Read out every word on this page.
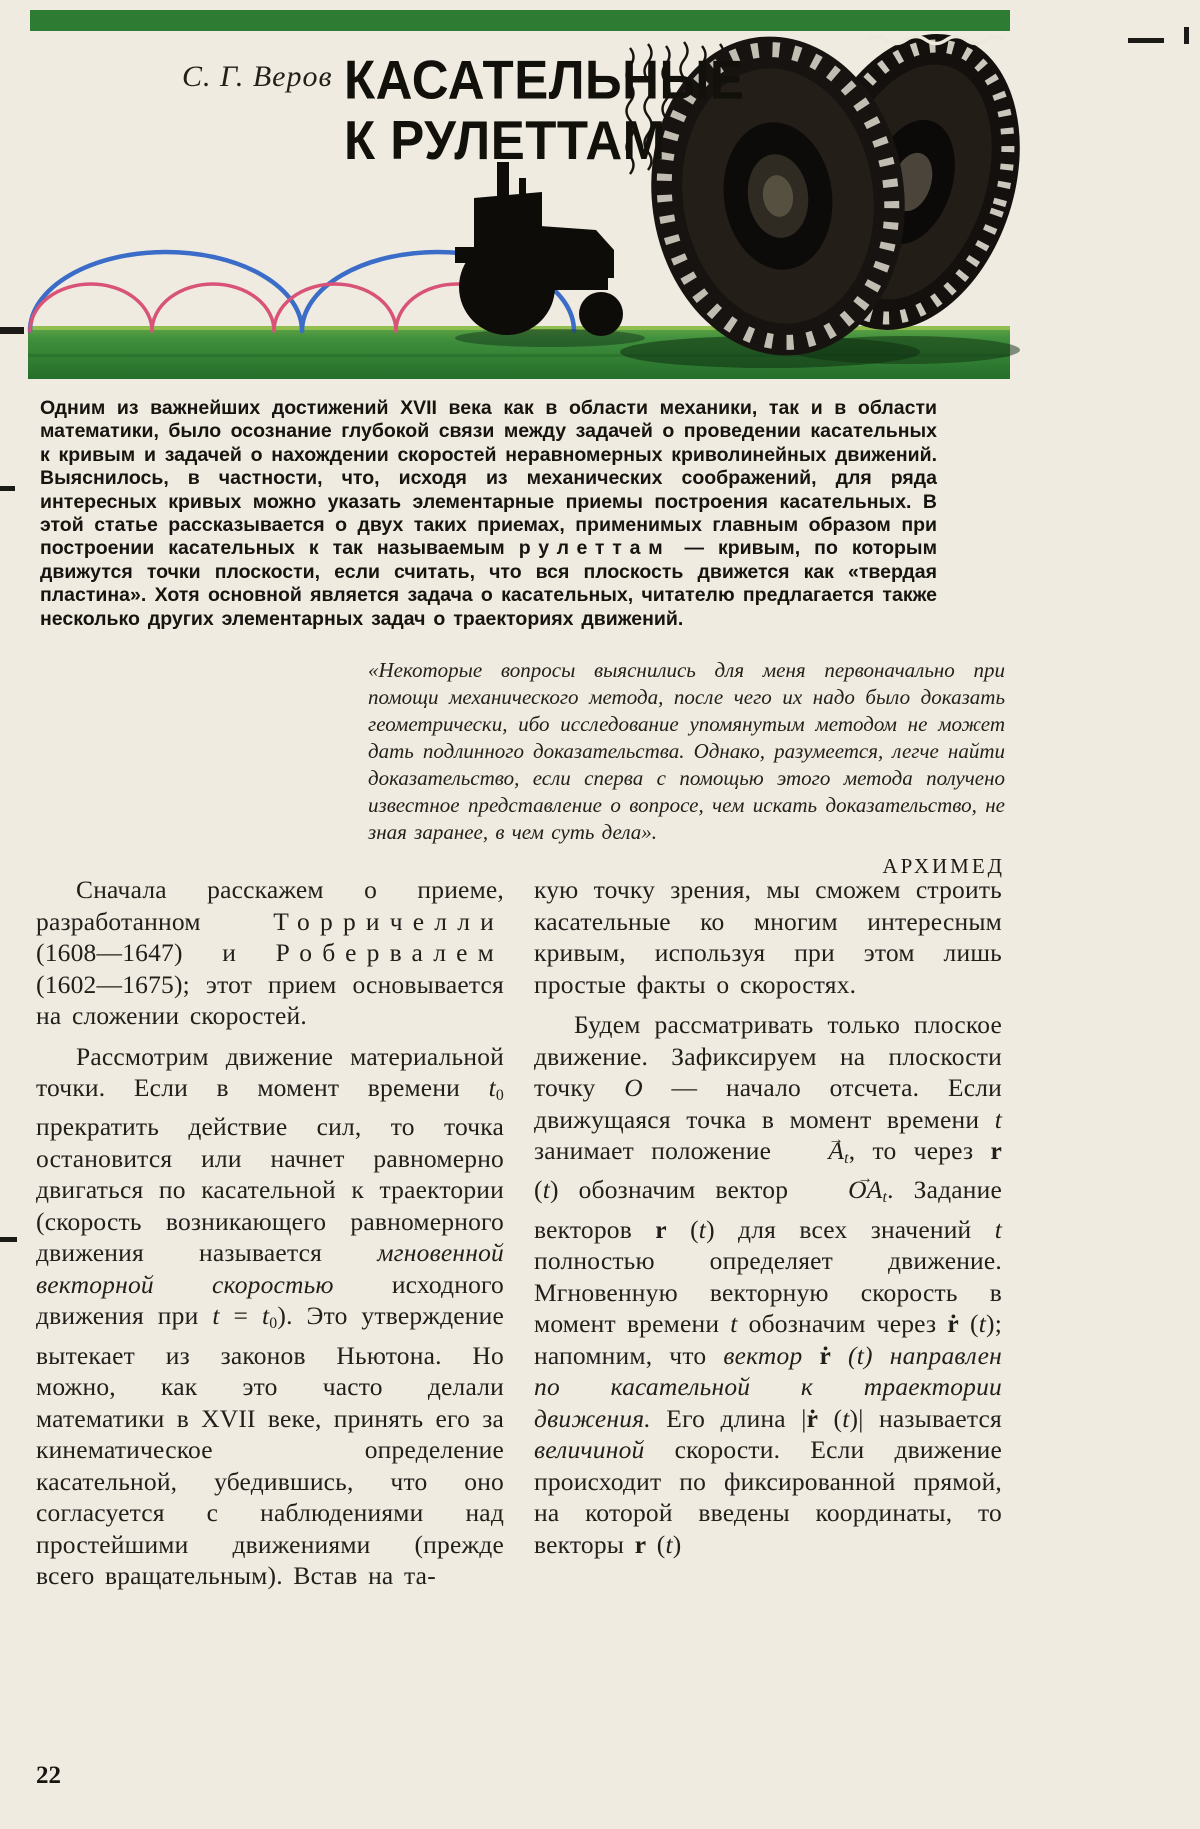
С. Г. Веров КАСАТЕЛЬНЫЕ
К РУЛЕТТАМ
Одним из важнейших достижений XVII века как в области механики, так и в области математики, было осознание глубокой связи между задачей о проведении касательных к кривым и задачей о нахождении скоростей неравномерных криволинейных движений. Выяснилось, в частности, что, исходя из механических соображений, для ряда интересных кривых можно указать элементарные приемы построения касательных. В этой статье рассказывается о двух таких приемах, применимых главным образом при построении касательных к так называемым рулеттам — кривым, по которым движутся точки плоскости, если считать, что вся плоскость движется как «твердая пластина». Хотя основной является задача о касательных, читателю предлагается также несколько других элементарных задач о траекториях движений.
«Некоторые вопросы выяснились для меня первоначально при помощи механического метода, после чего их надо было доказать геометрически, ибо исследование упомянутым методом не может дать подлинного доказательства. Однако, разумеется, легче найти доказательство, если сперва с помощью этого метода получено известное представление о вопросе, чем искать доказательство, не зная заранее, в чем суть дела».
АРХИМЕД

Сначала расскажем о приеме, разработанном Торричелли (1608—1647) и Робервалем (1602—1675); этот прием основывается на сложении скоростей.

Рассмотрим движение материальной точки. Если в момент времени $t_0$ прекратить действие сил, то точка остановится или начнет равномерно двигаться по касательной к траектории (скорость возникающего равномерного движения называется мгновенной векторной скоростью исходного движения при $t = t_0$). Это утверждение вытекает из законов Ньютона. Но можно, как это часто делали математики в XVII веке, принять его за кинематическое определение касательной, убедившись, что оно согласуется с наблюдениями над простейшими движениями (прежде всего вращательным). Встав на та-

кую точку зрения, мы сможем строить касательные ко многим интересным кривым, используя при этом лишь простые факты о скоростях.

Будем рассматривать только плоское движение. Зафиксируем на плоскости точку O — начало отсчета. Если движущаяся точка в момент времени t занимает положение $A \to_t$, то через r (t) обозначим вектор OA $\to_t$. Задание векторов r (t) для всех значений t полностью определяет движение. Мгновенную векторную скорость в момент времени t обозначим через ṙ (t); напомним, что вектор ṙ (t) направлен по касательной к траектории движения. Его длина |ṙ (t)| называется величиной скорости. Если движение происходит по фиксированной прямой, на которой введены координаты, то векторы r (t)

22
